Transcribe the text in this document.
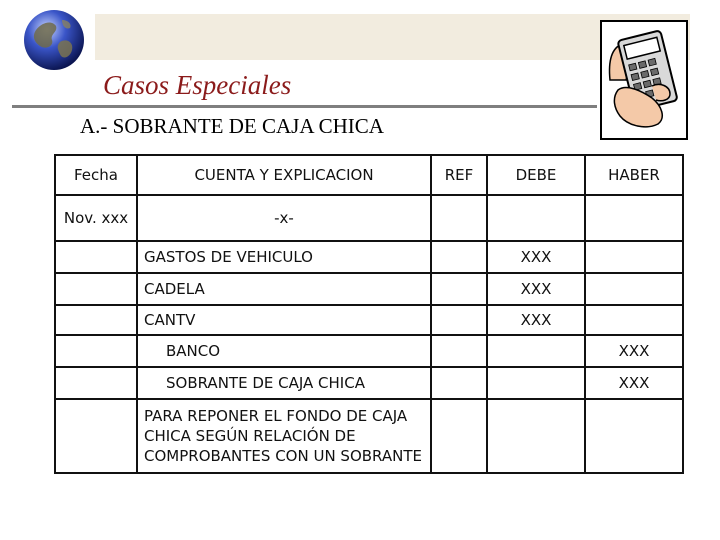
Casos Especiales
A.- SOBRANTE DE CAJA CHICA
Fecha	CUENTA Y EXPLICACION	REF	DEBE	HABER
Nov. xxx	-x-			
	GASTOS DE VEHICULO		XXX	
	CADELA		XXX	
	CANTV		XXX	
	BANCO			XXX
	SOBRANTE DE CAJA CHICA			XXX
	PARA REPONER EL FONDO DE CAJA CHICA SEGÚN RELACIÓN DE COMPROBANTES CON UN SOBRANTE			
